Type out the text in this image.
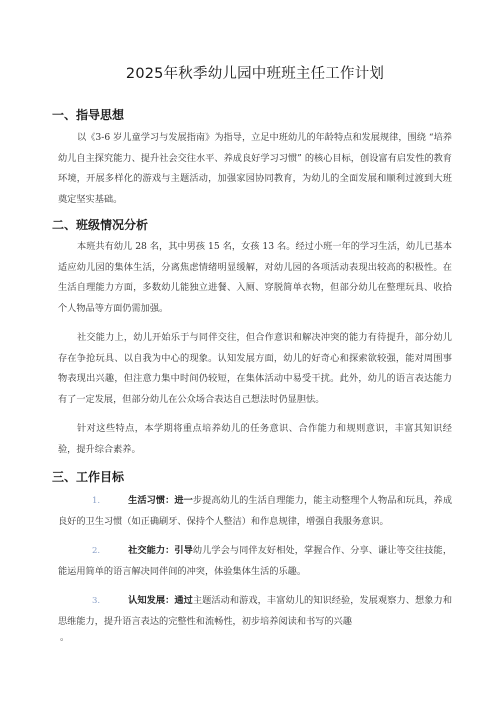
2025年秋季幼儿园中班班主任工作计划
一、指导思想

以《3-6 岁儿童学习与发展指南》为指导，立足中班幼儿的年龄特点和发展规律，围绕 “培养幼儿自主探究能力、提升社会交往水平、养成良好学习习惯” 的核心目标，创设富有启发性的教育环境，开展多样化的游戏与主题活动，加强家园协同教育，为幼儿的全面发展和顺利过渡到大班奠定坚实基础。

二、班级情况分析

本班共有幼儿 28 名，其中男孩 15 名，女孩 13 名。经过小班一年的学习生活，幼儿已基本适应幼儿园的集体生活，分离焦虑情绪明显缓解，对幼儿园的各项活动表现出较高的积极性。在生活自理能力方面，多数幼儿能独立进餐、入厕、穿脱简单衣物，但部分幼儿在整理玩具、收拾个人物品等方面仍需加强。

社交能力上，幼儿开始乐于与同伴交往，但合作意识和解决冲突的能力有待提升，部分幼儿存在争抢玩具、以自我为中心的现象。认知发展方面，幼儿的好奇心和探索欲较强，能对周围事物表现出兴趣，但注意力集中时间仍较短，在集体活动中易受干扰。此外，幼儿的语言表达能力有了一定发展，但部分幼儿在公众场合表达自己想法时仍显胆怯。

针对这些特点，本学期将重点培养幼儿的任务意识、合作能力和规则意识，丰富其知识经验，提升综合素养。

三、工作目标

1.	生活习惯：进一步提高幼儿的生活自理能力，能主动整理个人物品和玩具，养成良好的卫生习惯（如正确刷牙、保持个人整洁）和作息规律，增强自我服务意识。

2.	社交能力：引导幼儿学会与同伴友好相处，掌握合作、分享、谦让等交往技能，能运用简单的语言解决同伴间的冲突，体验集体生活的乐趣。

3.	认知发展：通过主题活动和游戏，丰富幼儿的知识经验，发展观察力、想象力和思维能力，提升语言表达的完整性和流畅性，初步培养阅读和书写的兴趣

。
